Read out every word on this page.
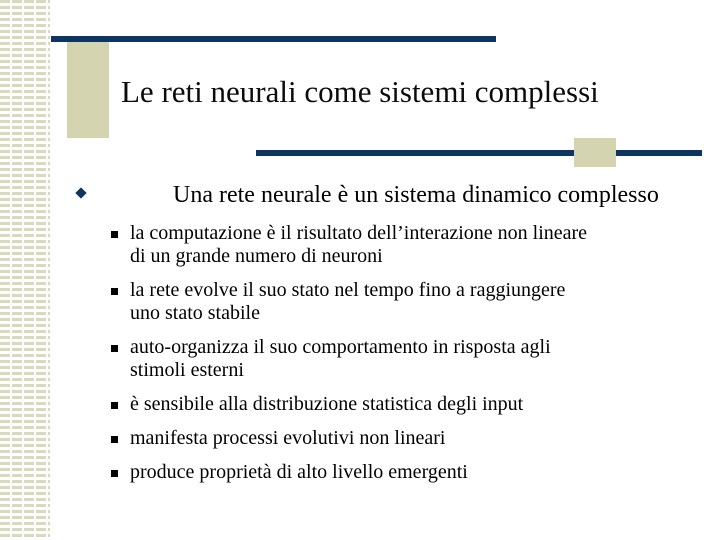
Le reti neurali come sistemi complessi
Una rete neurale è un sistema dinamico complesso
la computazione è il risultato dell’interazione non lineare
di un grande numero di neuroni
la rete evolve il suo stato nel tempo fino a raggiungere
uno stato stabile
auto-organizza il suo comportamento in risposta agli
stimoli esterni
è sensibile alla distribuzione statistica degli input
manifesta processi evolutivi non lineari
produce proprietà di alto livello emergenti
